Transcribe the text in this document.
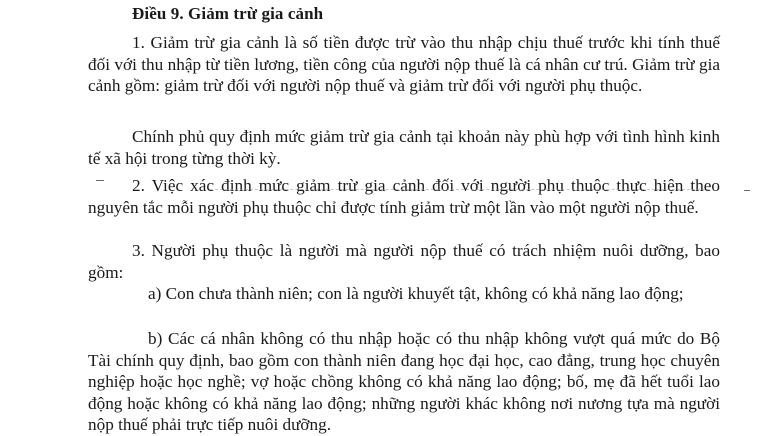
Điều 9. Giảm trừ gia cảnh

1. Giảm trừ gia cảnh là số tiền được trừ vào thu nhập chịu thuế trước khi tính thuế đối với thu nhập từ tiền lương, tiền công của người nộp thuế là cá nhân cư trú. Giảm trừ gia cảnh gồm: giảm trừ đối với người nộp thuế và giảm trừ đối với người phụ thuộc.

Chính phủ quy định mức giảm trừ gia cảnh tại khoản này phù hợp với tình hình kinh tế xã hội trong từng thời kỳ.

2. Việc xác định mức giảm trừ gia cảnh đối với người phụ thuộc thực hiện theo nguyên tắc mỗi người phụ thuộc chỉ được tính giảm trừ một lần vào một người nộp thuế.

3. Người phụ thuộc là người mà người nộp thuế có trách nhiệm nuôi dưỡng, bao gồm:

a) Con chưa thành niên; con là người khuyết tật, không có khả năng lao động;

b) Các cá nhân không có thu nhập hoặc có thu nhập không vượt quá mức do Bộ Tài chính quy định, bao gồm con thành niên đang học đại học, cao đẳng, trung học chuyên nghiệp hoặc học nghề; vợ hoặc chồng không có khả năng lao động; bố, mẹ đã hết tuổi lao động hoặc không có khả năng lao động; những người khác không nơi nương tựa mà người nộp thuế phải trực tiếp nuôi dưỡng.
